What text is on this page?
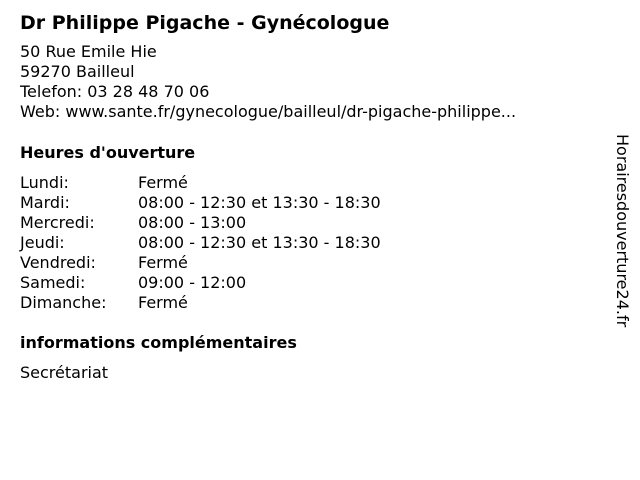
Dr Philippe Pigache - Gynécologue
50 Rue Emile Hie
59270 Bailleul
Telefon: 03 28 48 70 06
Web: www.sante.fr/gynecologue/bailleul/dr-pigache-philippe...
Heures d'ouverture
Lundi:	Fermé
Mardi:	08:00 - 12:30 et 13:30 - 18:30
Mercredi:	08:00 - 13:00
Jeudi:	08:00 - 12:30 et 13:30 - 18:30
Vendredi:	Fermé
Samedi:	09:00 - 12:00
Dimanche:	Fermé
informations complémentaires
Secrétariat
Horairesdouverture24.fr
